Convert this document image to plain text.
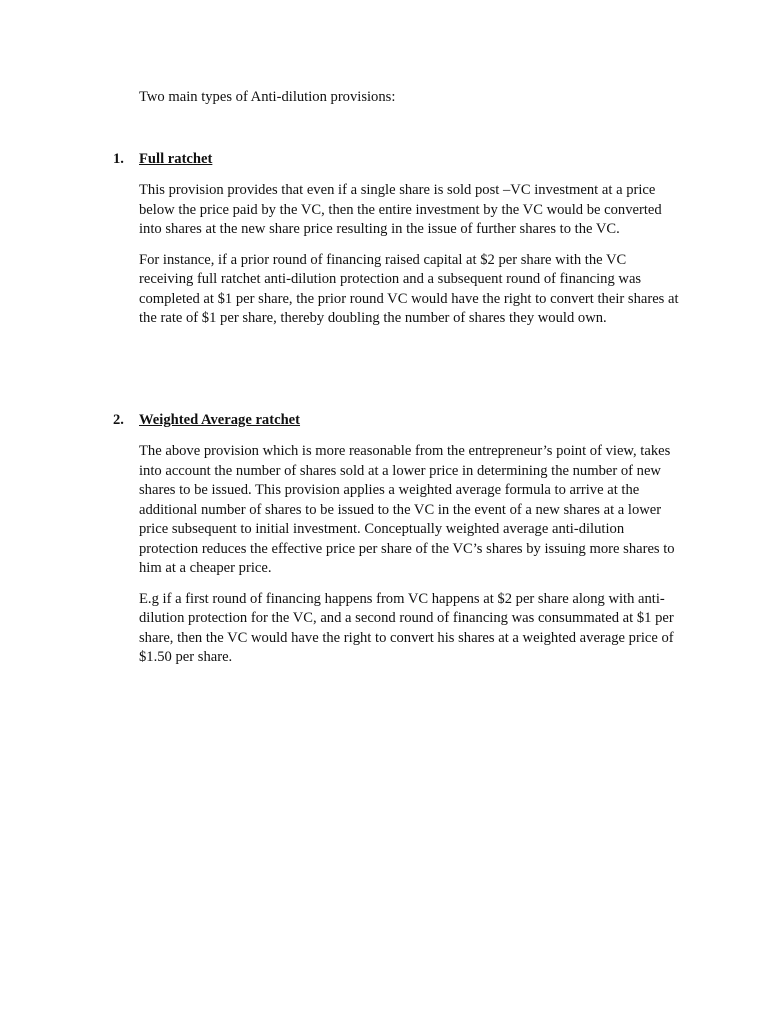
Two main types of Anti-dilution provisions:

1. Full ratchet

This provision provides that even if a single share is sold post –VC investment at a price below the price paid by the VC, then the entire investment by the VC would be converted into shares at the new share price resulting in the issue of further shares to the VC.

For instance, if a prior round of financing raised capital at $2 per share with the VC receiving full ratchet anti-dilution protection and a subsequent round of financing was completed at $1 per share, the prior round VC would have the right to convert their shares at the rate of $1 per share, thereby doubling the number of shares they would own.

2. Weighted Average ratchet

The above provision which is more reasonable from the entrepreneur’s point of view, takes into account the number of shares sold at a lower price in determining the number of new shares to be issued. This provision applies a weighted average formula to arrive at the additional number of shares to be issued to the VC in the event of a new shares at a lower price subsequent to initial investment. Conceptually weighted average anti-dilution protection reduces the effective price per share of the VC’s shares by issuing more shares to him at a cheaper price.

E.g if a first round of financing happens from VC happens at $2 per share along with anti-dilution protection for the VC, and a second round of financing was consummated at $1 per share, then the VC would have the right to convert his shares at a weighted average price of $1.50 per share.
